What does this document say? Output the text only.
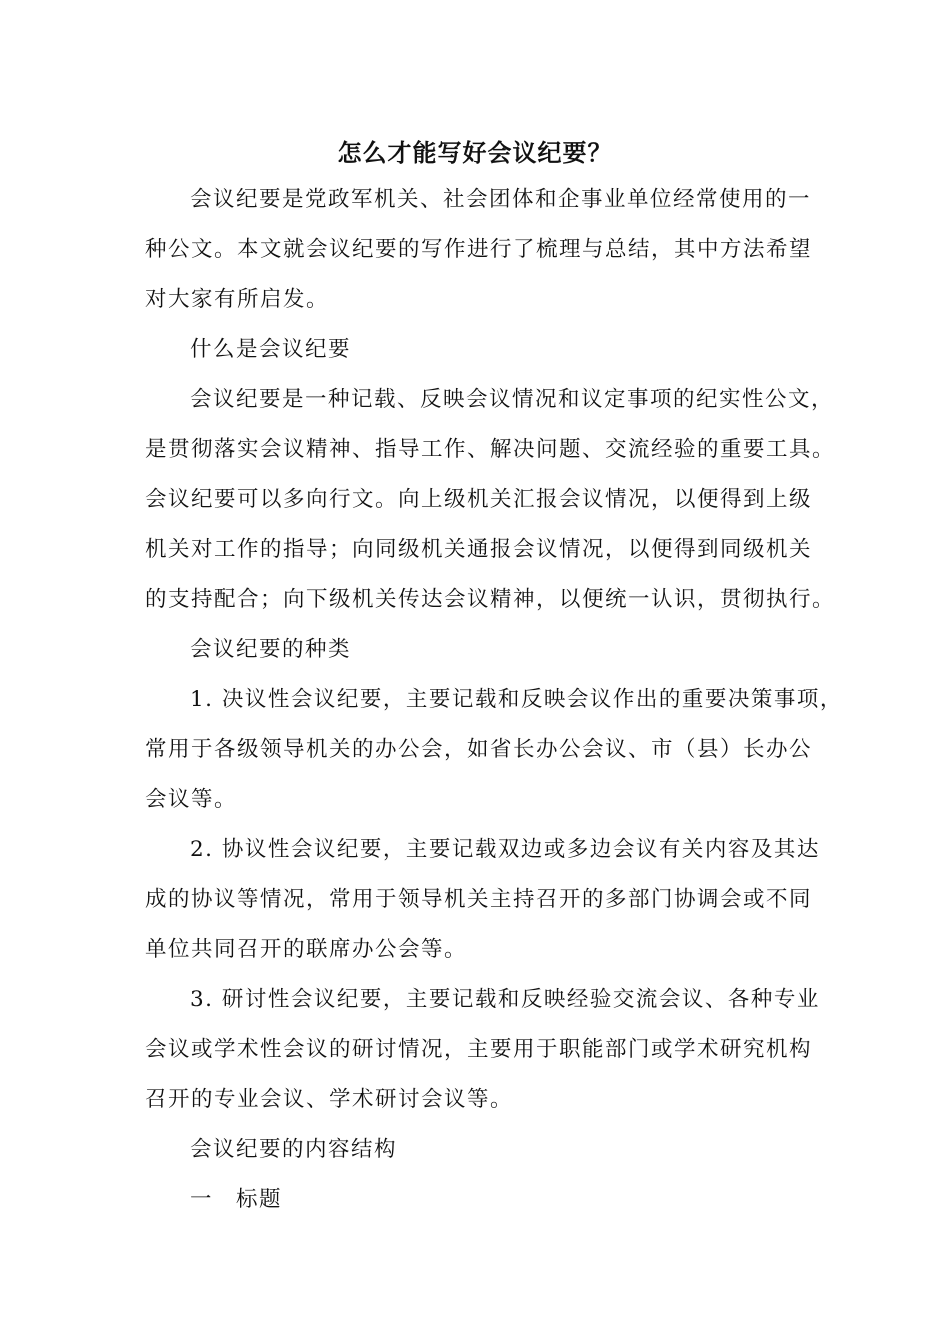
怎么才能写好会议纪要？
会议纪要是党政军机关、社会团体和企事业单位经常使用的一
种公文。本文就会议纪要的写作进行了梳理与总结，其中方法希望
对大家有所启发。
什么是会议纪要
会议纪要是一种记载、反映会议情况和议定事项的纪实性公文，
是贯彻落实会议精神、指导工作、解决问题、交流经验的重要工具。
会议纪要可以多向行文。向上级机关汇报会议情况，以便得到上级
机关对工作的指导；向同级机关通报会议情况，以便得到同级机关
的支持配合；向下级机关传达会议精神，以便统一认识，贯彻执行。
会议纪要的种类
1. 决议性会议纪要，主要记载和反映会议作出的重要决策事项，
常用于各级领导机关的办公会，如省长办公会议、市（县）长办公
会议等。
2. 协议性会议纪要，主要记载双边或多边会议有关内容及其达
成的协议等情况，常用于领导机关主持召开的多部门协调会或不同
单位共同召开的联席办公会等。
3. 研讨性会议纪要，主要记载和反映经验交流会议、各种专业
会议或学术性会议的研讨情况，主要用于职能部门或学术研究机构
召开的专业会议、学术研讨会议等。
会议纪要的内容结构
一　标题
